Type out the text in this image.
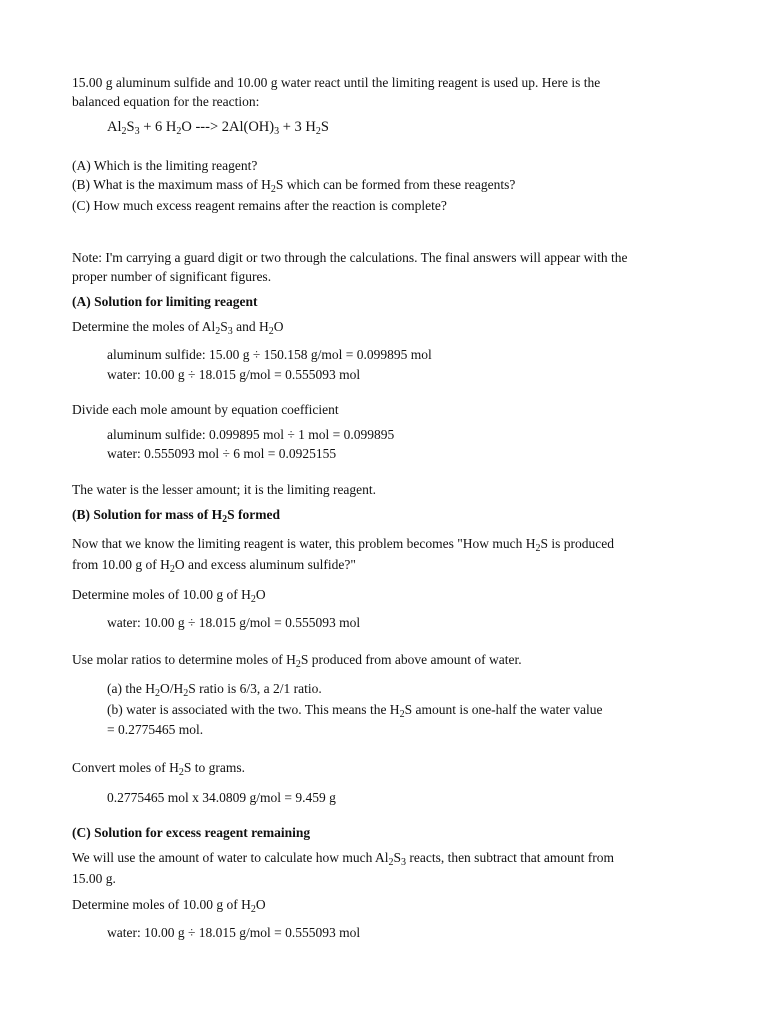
15.00 g aluminum sulfide and 10.00 g water react until the limiting reagent is used up. Here is the
balanced equation for the reaction:
$Al_2S_3 + 6$ $H_2O$ ---> $2Al(OH)_3 + 3$ $H_2S$
(A) Which is the limiting reagent?
(B) What is the maximum mass of $H_2S$ which can be formed from these reagents?
(C) How much excess reagent remains after the reaction is complete?
Note: I'm carrying a guard digit or two through the calculations. The final answers will appear with the
proper number of significant figures.
(A) Solution for limiting reagent
Determine the moles of $Al_2S_3$ and $H_2O$
aluminum sulfide: 15.00 g ÷ 150.158 g/mol = 0.099895 mol
water: 10.00 g ÷ 18.015 g/mol = 0.555093 mol
Divide each mole amount by equation coefficient
aluminum sulfide: 0.099895 mol ÷ 1 mol = 0.099895
water: 0.555093 mol ÷ 6 mol = 0.0925155
The water is the lesser amount; it is the limiting reagent.
(B) Solution for mass of $H_2S$ formed
Now that we know the limiting reagent is water, this problem becomes "How much $H_2S$ is produced
from 10.00 g of $H_2O$ and excess aluminum sulfide?"
Determine moles of 10.00 g of $H_2O$
water: 10.00 g ÷ 18.015 g/mol = 0.555093 mol
Use molar ratios to determine moles of $H_2S$ produced from above amount of water.
(a) the $H_2O/H_2S$ ratio is 6/3, a 2/1 ratio.
(b) water is associated with the two. This means the $H_2S$ amount is one-half the water value
= 0.2775465 mol.
Convert moles of $H_2S$ to grams.
0.2775465 mol x 34.0809 g/mol = 9.459 g
(C) Solution for excess reagent remaining
We will use the amount of water to calculate how much $Al_2S_3$ reacts, then subtract that amount from
15.00 g.
Determine moles of 10.00 g of $H_2O$
water: 10.00 g ÷ 18.015 g/mol = 0.555093 mol
